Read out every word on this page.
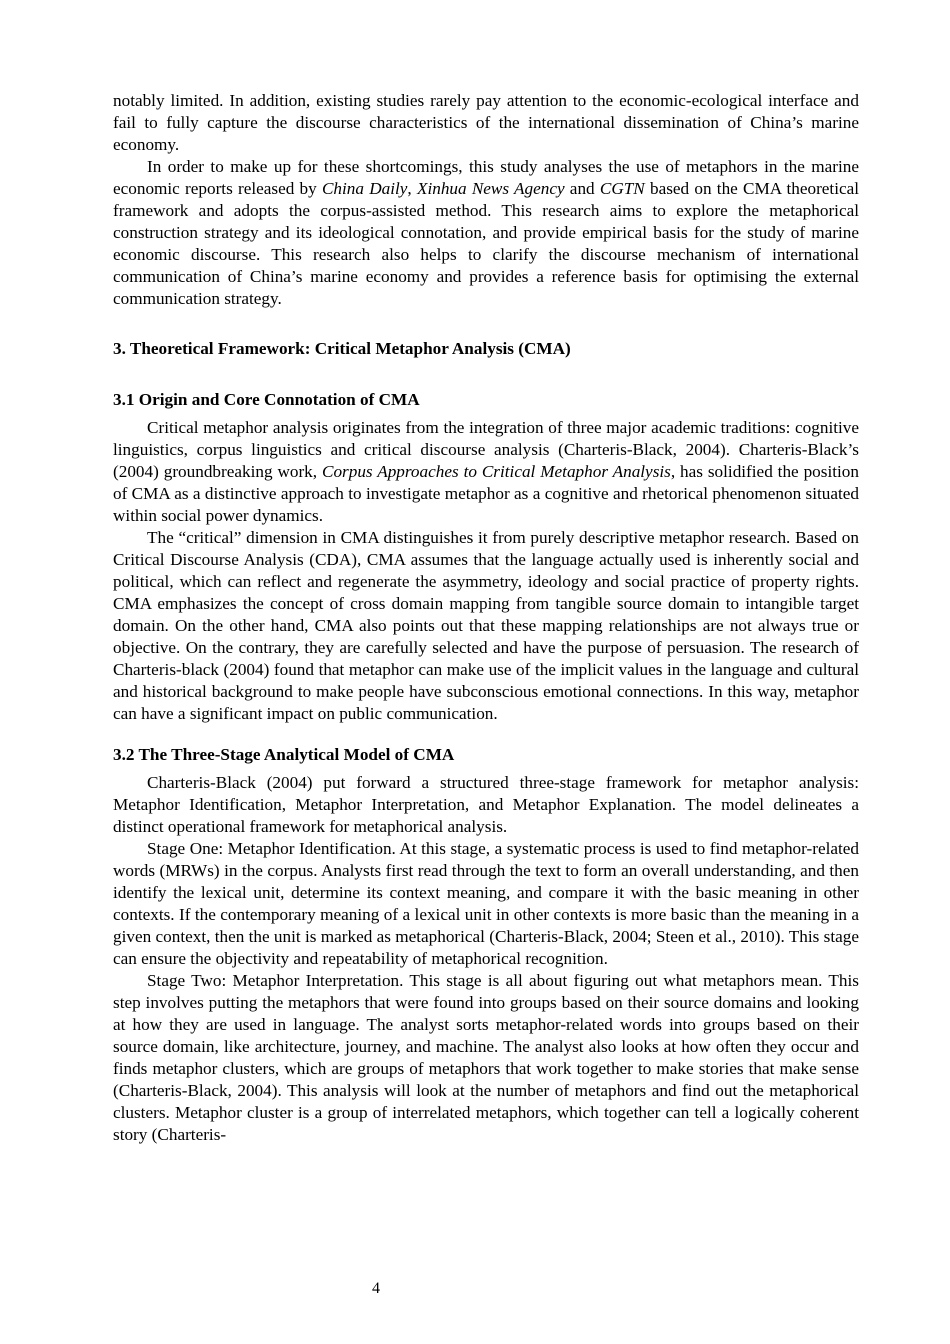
notably limited. In addition, existing studies rarely pay attention to the economic-ecological interface and fail to fully capture the discourse characteristics of the international dissemination of China’s marine economy.

In order to make up for these shortcomings, this study analyses the use of metaphors in the marine economic reports released by China Daily, Xinhua News Agency and CGTN based on the CMA theoretical framework and adopts the corpus-assisted method. This research aims to explore the metaphorical construction strategy and its ideological connotation, and provide empirical basis for the study of marine economic discourse. This research also helps to clarify the discourse mechanism of international communication of China’s marine economy and provides a reference basis for optimising the external communication strategy.

3. Theoretical Framework: Critical Metaphor Analysis (CMA)
3.1 Origin and Core Connotation of CMA

Critical metaphor analysis originates from the integration of three major academic traditions: cognitive linguistics, corpus linguistics and critical discourse analysis (Charteris-Black, 2004). Charteris-Black’s (2004) groundbreaking work, Corpus Approaches to Critical Metaphor Analysis, has solidified the position of CMA as a distinctive approach to investigate metaphor as a cognitive and rhetorical phenomenon situated within social power dynamics.

The “critical” dimension in CMA distinguishes it from purely descriptive metaphor research. Based on Critical Discourse Analysis (CDA), CMA assumes that the language actually used is inherently social and political, which can reflect and regenerate the asymmetry, ideology and social practice of property rights. CMA emphasizes the concept of cross domain mapping from tangible source domain to intangible target domain. On the other hand, CMA also points out that these mapping relationships are not always true or objective. On the contrary, they are carefully selected and have the purpose of persuasion. The research of Charteris-black (2004) found that metaphor can make use of the implicit values in the language and cultural and historical background to make people have subconscious emotional connections. In this way, metaphor can have a significant impact on public communication.

3.2 The Three-Stage Analytical Model of CMA

Charteris-Black (2004) put forward a structured three-stage framework for metaphor analysis: Metaphor Identification, Metaphor Interpretation, and Metaphor Explanation. The model delineates a distinct operational framework for metaphorical analysis.

Stage One: Metaphor Identification. At this stage, a systematic process is used to find metaphor-related words (MRWs) in the corpus. Analysts first read through the text to form an overall understanding, and then identify the lexical unit, determine its context meaning, and compare it with the basic meaning in other contexts. If the contemporary meaning of a lexical unit in other contexts is more basic than the meaning in a given context, then the unit is marked as metaphorical (Charteris-Black, 2004; Steen et al., 2010). This stage can ensure the objectivity and repeatability of metaphorical recognition.

Stage Two: Metaphor Interpretation. This stage is all about figuring out what metaphors mean. This step involves putting the metaphors that were found into groups based on their source domains and looking at how they are used in language. The analyst sorts metaphor-related words into groups based on their source domain, like architecture, journey, and machine. The analyst also looks at how often they occur and finds metaphor clusters, which are groups of metaphors that work together to make stories that make sense (Charteris-Black, 2004). This analysis will look at the number of metaphors and find out the metaphorical clusters. Metaphor cluster is a group of interrelated metaphors, which together can tell a logically coherent story (Charteris-

4
